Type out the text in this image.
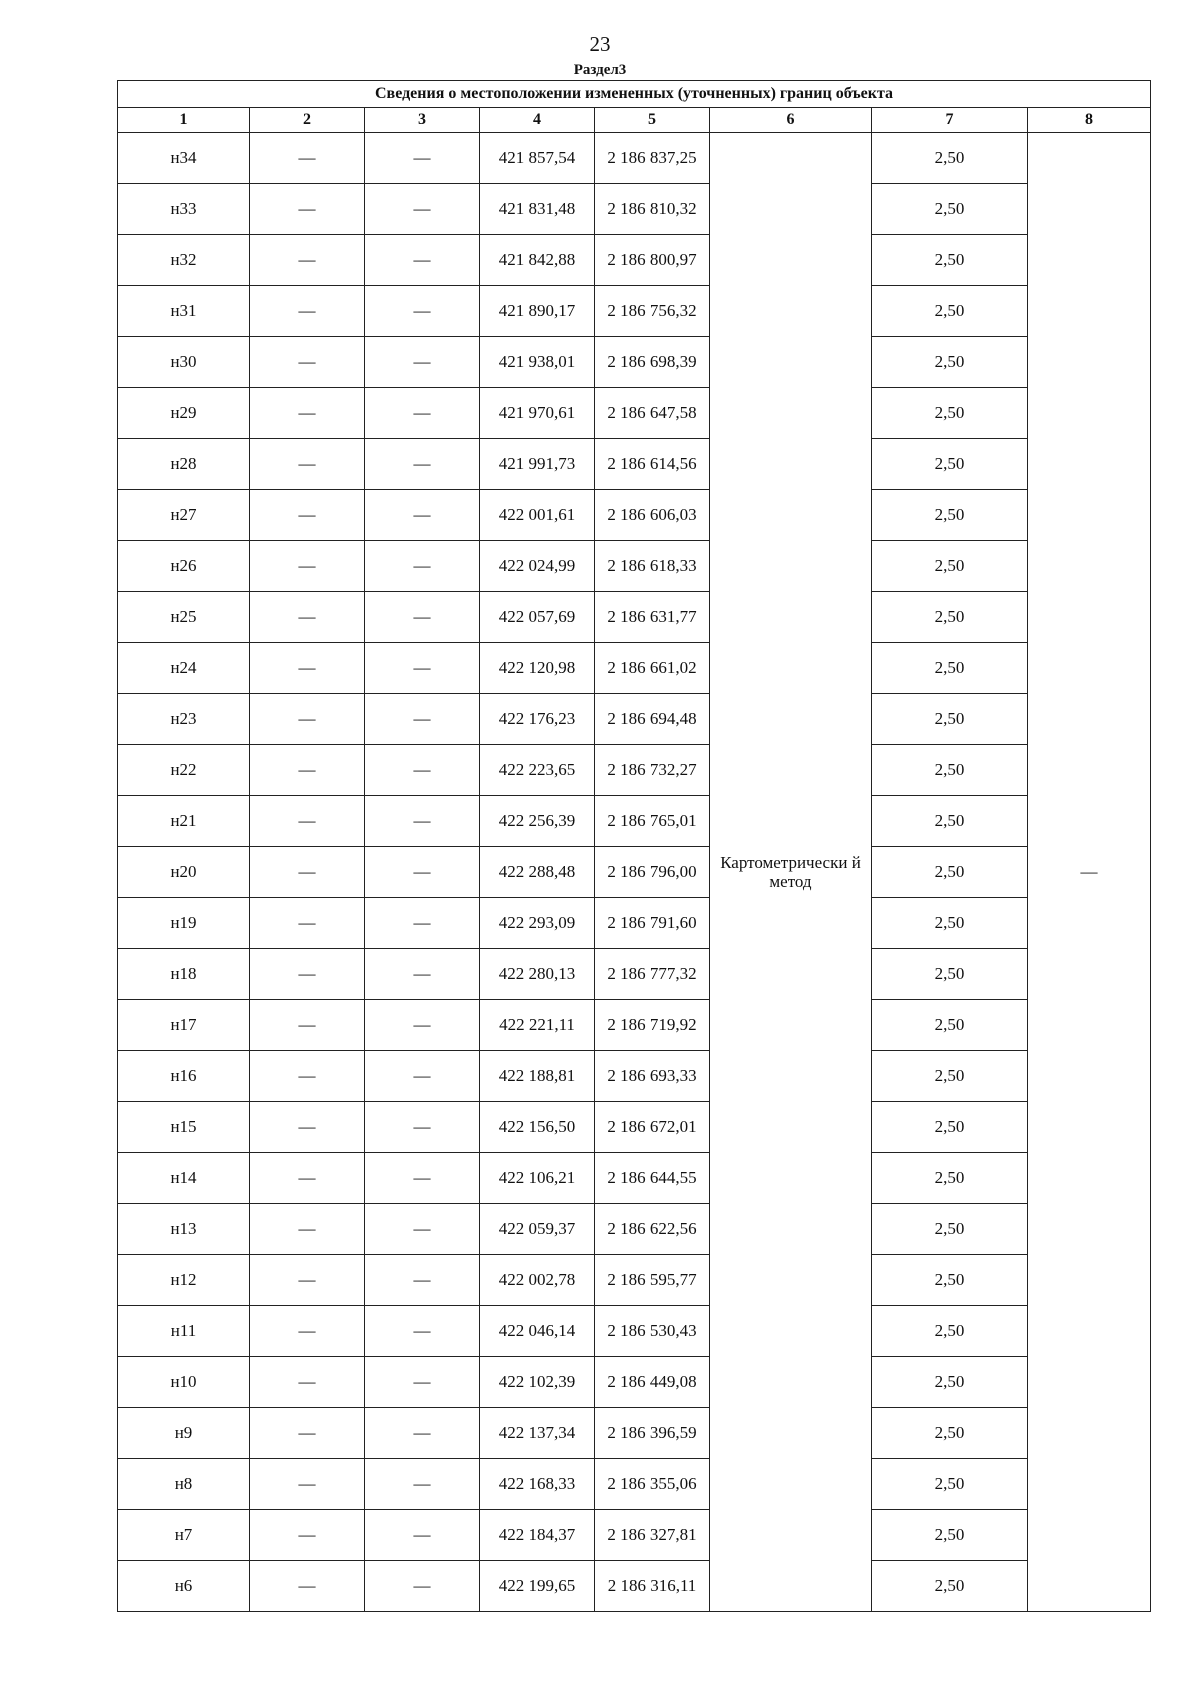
23
Раздел3
Сведения о местоположении измененных (уточненных) границ объекта							
1	2	3	4	5	6	7	8
н34	—	—	421 857,54	2 186 837,25	Картометрически й метод	2,50	—
н33	—	—	421 831,48	2 186 810,32		2,50	
н32	—	—	421 842,88	2 186 800,97		2,50	
н31	—	—	421 890,17	2 186 756,32		2,50	
н30	—	—	421 938,01	2 186 698,39		2,50	
н29	—	—	421 970,61	2 186 647,58		2,50	
н28	—	—	421 991,73	2 186 614,56		2,50	
н27	—	—	422 001,61	2 186 606,03		2,50	
н26	—	—	422 024,99	2 186 618,33		2,50	
н25	—	—	422 057,69	2 186 631,77		2,50	
н24	—	—	422 120,98	2 186 661,02		2,50	
н23	—	—	422 176,23	2 186 694,48		2,50	
н22	—	—	422 223,65	2 186 732,27		2,50	
н21	—	—	422 256,39	2 186 765,01		2,50	
н20	—	—	422 288,48	2 186 796,00		2,50	
н19	—	—	422 293,09	2 186 791,60		2,50	
н18	—	—	422 280,13	2 186 777,32		2,50	
н17	—	—	422 221,11	2 186 719,92		2,50	
н16	—	—	422 188,81	2 186 693,33		2,50	
н15	—	—	422 156,50	2 186 672,01		2,50	
н14	—	—	422 106,21	2 186 644,55		2,50	
н13	—	—	422 059,37	2 186 622,56		2,50	
н12	—	—	422 002,78	2 186 595,77		2,50	
н11	—	—	422 046,14	2 186 530,43		2,50	
н10	—	—	422 102,39	2 186 449,08		2,50	
н9	—	—	422 137,34	2 186 396,59		2,50	
н8	—	—	422 168,33	2 186 355,06		2,50	
н7	—	—	422 184,37	2 186 327,81		2,50	
н6	—	—	422 199,65	2 186 316,11		2,50	
